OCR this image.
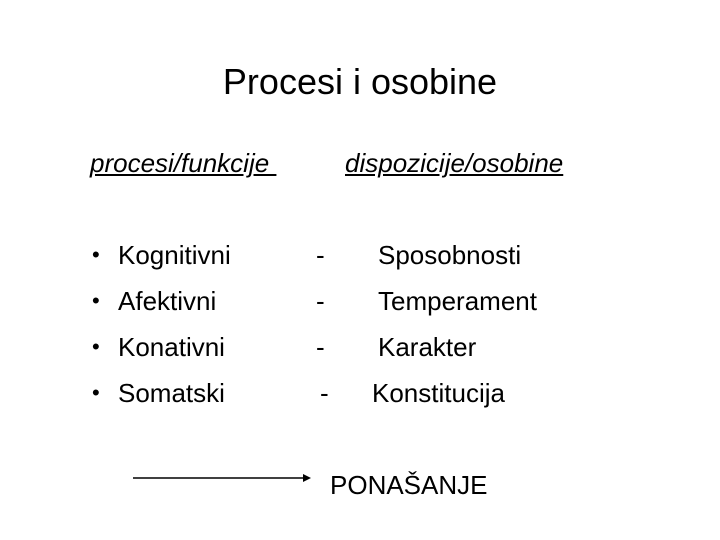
Procesi i osobine
procesi/funkcije	dispozicije/osobine
• Kognitivni
• Afektivni
• Konativni
• Somatski
-
-
-
-
Sposobnosti
Temperament
Karakter
Konstitucija
PONAŠANJE
